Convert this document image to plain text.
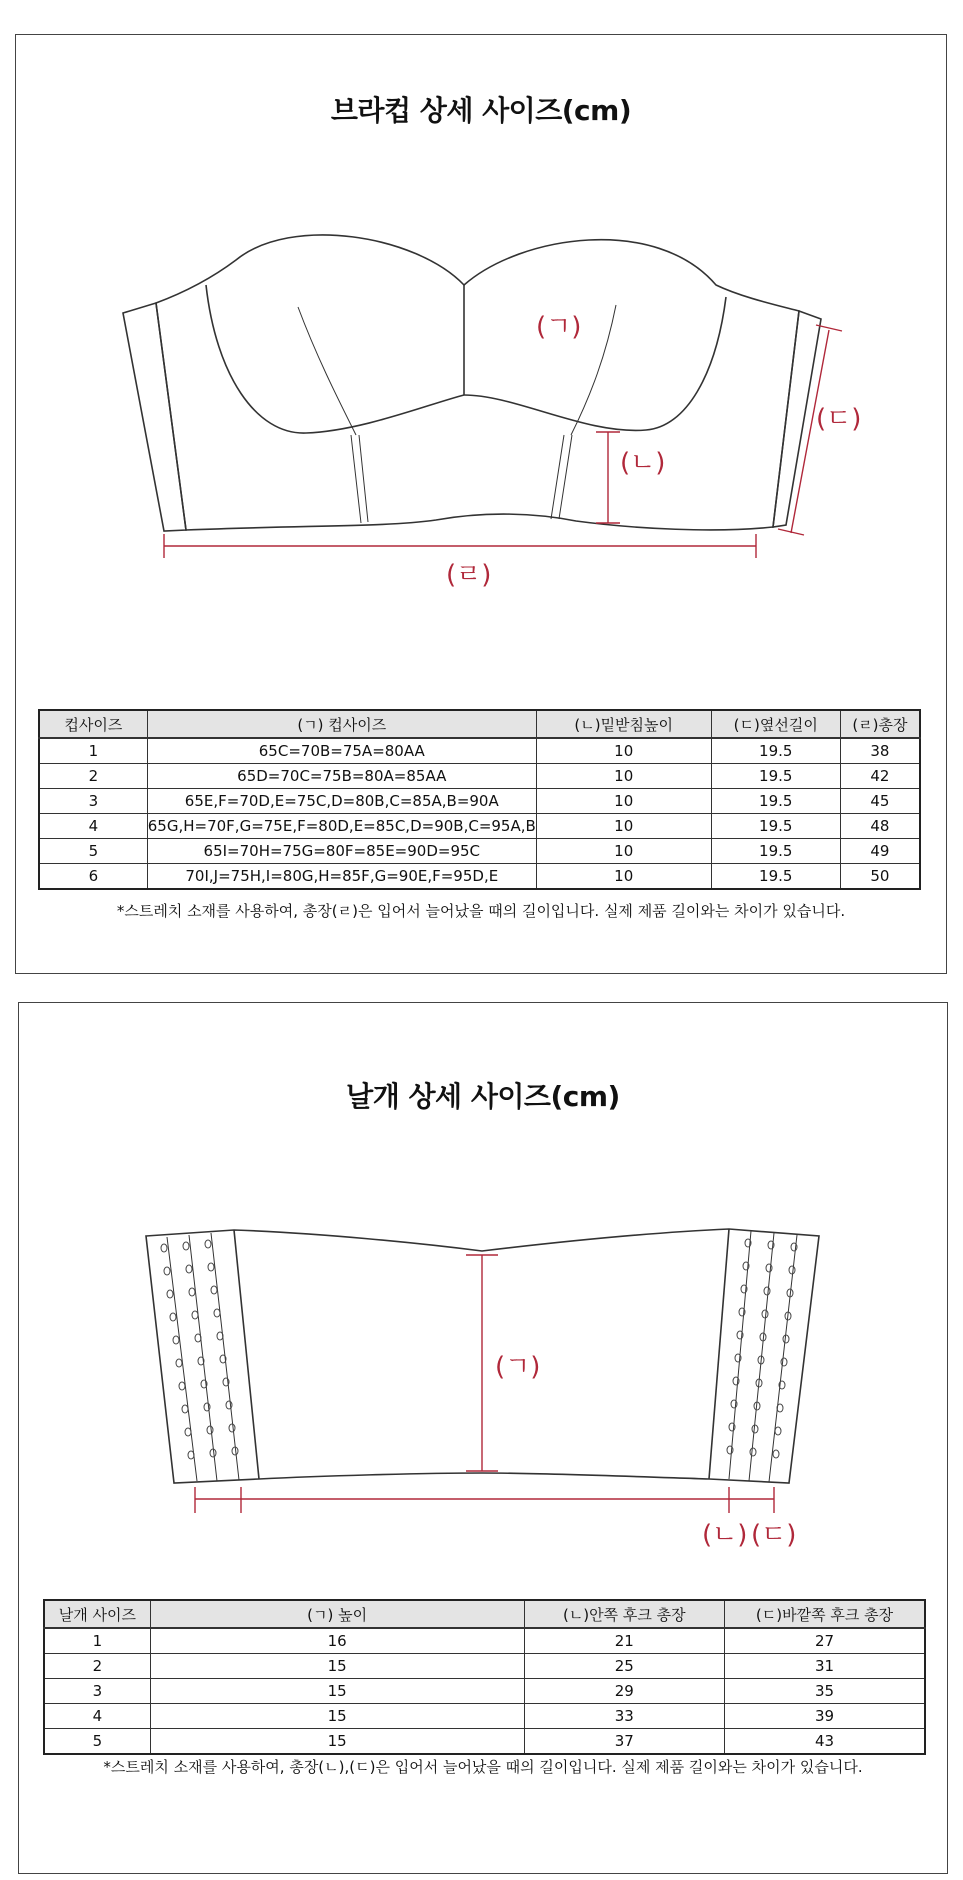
브라컵 상세 사이즈(cm)
(ㄱ)
(ㄴ)
(ㄷ)
(ㄹ)
컵사이즈	(ㄱ) 컵사이즈	(ㄴ)밑받침높이	(ㄷ)옆선길이	(ㄹ)총장
1	65C=70B=75A=80AA	10	19.5	38
2	65D=70C=75B=80A=85AA	10	19.5	42
3	65E,F=70D,E=75C,D=80B,C=85A,B=90A	10	19.5	45
4	65G,H=70F,G=75E,F=80D,E=85C,D=90B,C=95A,B	10	19.5	48
5	65I=70H=75G=80F=85E=90D=95C	10	19.5	49
6	70I,J=75H,I=80G,H=85F,G=90E,F=95D,E	10	19.5	50
*스트레치 소재를 사용하여, 총장(ㄹ)은 입어서 늘어났을 때의 길이입니다. 실제 제품 길이와는 차이가 있습니다.
날개 상세 사이즈(cm)
(ㄱ)
(ㄴ) (ㄷ)
날개 사이즈	(ㄱ) 높이	(ㄴ)안쪽 후크 총장	(ㄷ)바깥쪽 후크 총장
1	16	21	27
2	15	25	31
3	15	29	35
4	15	33	39
5	15	37	43
*스트레치 소재를 사용하여, 총장(ㄴ),(ㄷ)은 입어서 늘어났을 때의 길이입니다. 실제 제품 길이와는 차이가 있습니다.
